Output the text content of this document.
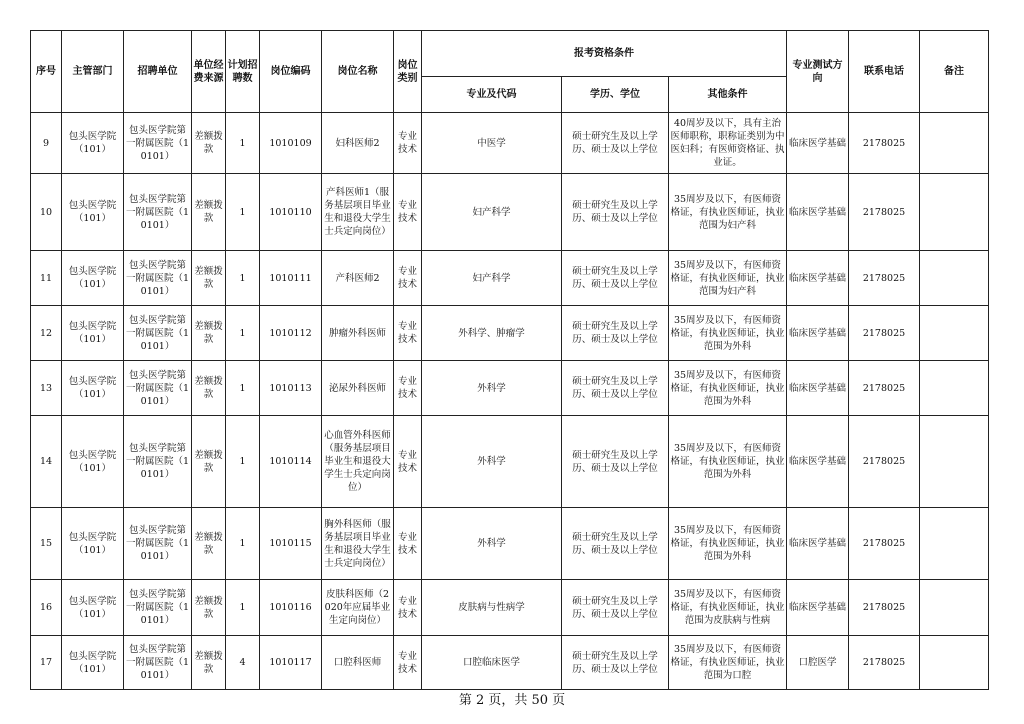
序号	主管部门	招聘单位	单位经费来源	计划招聘数	岗位编码	岗位名称	岗位类别	报考资格条件			专业测试方向	联系电话	备注
								专业及代码	学历、学位	其他条件			
9	包头医学院（101）	包头医学院第一附属医院（10101）	差额拨款	1	1010109	妇科医师2	专业技术	中医学	硕士研究生及以上学历、硕士及以上学位	40周岁及以下，具有主治医师职称，职称证类别为中医妇科；有医师资格证、执业证。	临床医学基础	2178025	
10	包头医学院（101）	包头医学院第一附属医院（10101）	差额拨款	1	1010110	产科医师1（服务基层项目毕业生和退役大学生士兵定向岗位）	专业技术	妇产科学	硕士研究生及以上学历、硕士及以上学位	35周岁及以下，有医师资格证，有执业医师证，执业范围为妇产科	临床医学基础	2178025	
11	包头医学院（101）	包头医学院第一附属医院（10101）	差额拨款	1	1010111	产科医师2	专业技术	妇产科学	硕士研究生及以上学历、硕士及以上学位	35周岁及以下，有医师资格证，有执业医师证，执业范围为妇产科	临床医学基础	2178025	
12	包头医学院（101）	包头医学院第一附属医院（10101）	差额拨款	1	1010112	肿瘤外科医师	专业技术	外科学、肿瘤学	硕士研究生及以上学历、硕士及以上学位	35周岁及以下，有医师资格证，有执业医师证，执业范围为外科	临床医学基础	2178025	
13	包头医学院（101）	包头医学院第一附属医院（10101）	差额拨款	1	1010113	泌尿外科医师	专业技术	外科学	硕士研究生及以上学历、硕士及以上学位	35周岁及以下，有医师资格证，有执业医师证，执业范围为外科	临床医学基础	2178025	
14	包头医学院（101）	包头医学院第一附属医院（10101）	差额拨款	1	1010114	心血管外科医师（服务基层项目毕业生和退役大学生士兵定向岗位）	专业技术	外科学	硕士研究生及以上学历、硕士及以上学位	35周岁及以下，有医师资格证，有执业医师证，执业范围为外科	临床医学基础	2178025	
15	包头医学院（101）	包头医学院第一附属医院（10101）	差额拨款	1	1010115	胸外科医师（服务基层项目毕业生和退役大学生士兵定向岗位）	专业技术	外科学	硕士研究生及以上学历、硕士及以上学位	35周岁及以下，有医师资格证，有执业医师证，执业范围为外科	临床医学基础	2178025	
16	包头医学院（101）	包头医学院第一附属医院（10101）	差额拨款	1	1010116	皮肤科医师（2020年应届毕业生定向岗位）	专业技术	皮肤病与性病学	硕士研究生及以上学历、硕士及以上学位	35周岁及以下，有医师资格证，有执业医师证，执业范围为皮肤病与性病	临床医学基础	2178025	
17	包头医学院（101）	包头医学院第一附属医院（10101）	差额拨款	4	1010117	口腔科医师	专业技术	口腔临床医学	硕士研究生及以上学历、硕士及以上学位	35周岁及以下，有医师资格证，有执业医师证，执业范围为口腔	口腔医学	2178025	
第 2 页，共 50 页
